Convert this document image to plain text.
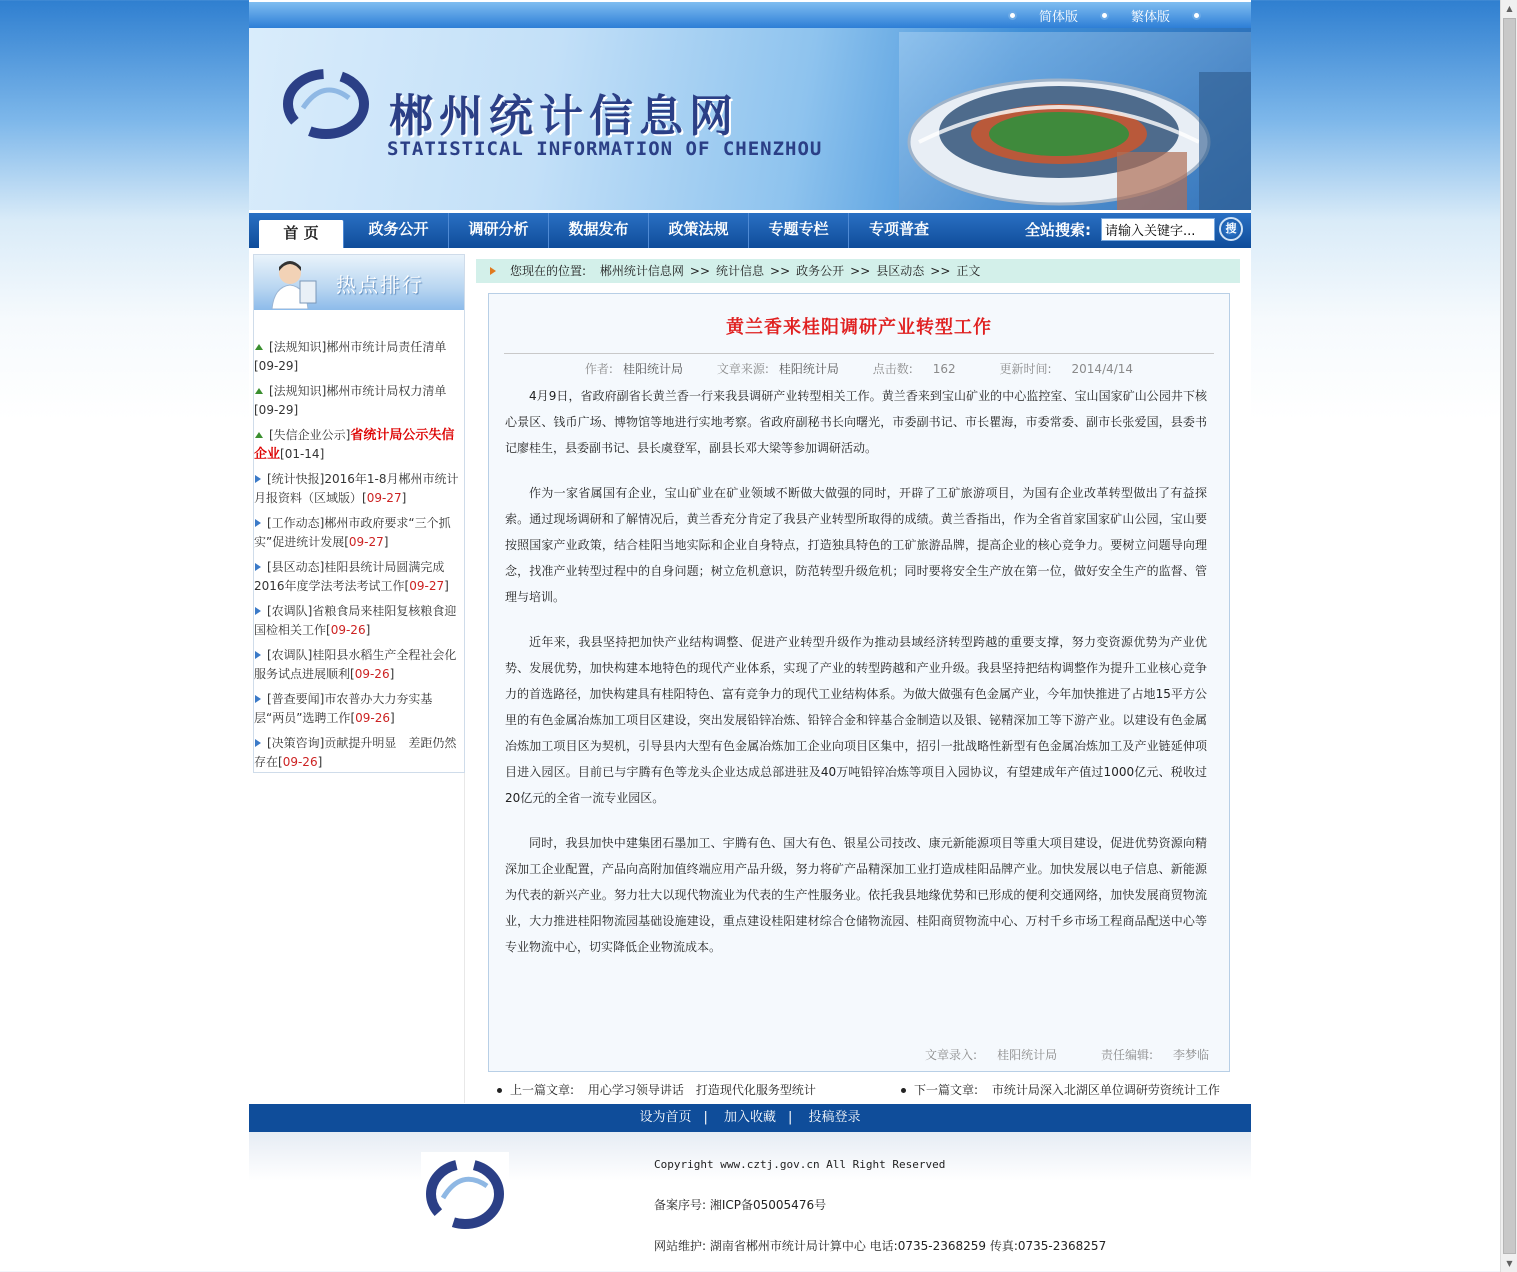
▲
▼
简体版	繁体版
郴州统计信息网
STATISTICAL INFORMATION OF CHENZHOU
首 页	政务公开	调研分析	数据发布	政策法规	专题专栏	专项普查	全站搜索:
请输入关键字...	搜
热点排行
[法规知识]郴州市统计局责任清单[09-29]
[法规知识]郴州市统计局权力清单[09-29]
[失信企业公示]省统计局公示失信企业[01-14]
[统计快报]2016年1-8月郴州市统计月报资料（区域版）[09-27]
[工作动态]郴州市政府要求“三个抓实”促进统计发展[09-27]
[县区动态]桂阳县统计局圆满完成2016年度学法考法考试工作[09-27]
[农调队]省粮食局来桂阳复核粮食迎国检相关工作[09-26]
[农调队]桂阳县水稻生产全程社会化服务试点进展顺利[09-26]
[普查要闻]市农普办大力夯实基层“两员”选聘工作[09-26]
[决策咨询]贡献提升明显　差距仍然存在[09-26]
您现在的位置: 郴州统计信息网 >> 统计信息 >> 政务公开 >> 县区动态 >> 正文
黄兰香来桂阳调研产业转型工作
作者: 桂阳统计局	文章来源: 桂阳统计局	点击数: 162	更新时间: 2014/4/14

4月9日，省政府副省长黄兰香一行来我县调研产业转型相关工作。黄兰香来到宝山矿业的中心监控室、宝山国家矿山公园井下核心景区、钱币广场、博物馆等地进行实地考察。省政府副秘书长向曙光，市委副书记、市长瞿海，市委常委、副市长张爱国，县委书记廖桂生，县委副书记、县长虞登军，副县长邓大梁等参加调研活动。

作为一家省属国有企业，宝山矿业在矿业领域不断做大做强的同时，开辟了工矿旅游项目，为国有企业改革转型做出了有益探索。通过现场调研和了解情况后，黄兰香充分肯定了我县产业转型所取得的成绩。黄兰香指出，作为全省首家国家矿山公园，宝山要按照国家产业政策，结合桂阳当地实际和企业自身特点，打造独具特色的工矿旅游品牌，提高企业的核心竞争力。要树立问题导向理念，找准产业转型过程中的自身问题；树立危机意识，防范转型升级危机；同时要将安全生产放在第一位，做好安全生产的监督、管理与培训。

近年来，我县坚持把加快产业结构调整、促进产业转型升级作为推动县域经济转型跨越的重要支撑，努力变资源优势为产业优势、发展优势，加快构建本地特色的现代产业体系，实现了产业的转型跨越和产业升级。我县坚持把结构调整作为提升工业核心竞争力的首选路径，加快构建具有桂阳特色、富有竞争力的现代工业结构体系。为做大做强有色金属产业，今年加快推进了占地15平方公里的有色金属冶炼加工项目区建设，突出发展铅锌冶炼、铅锌合金和锌基合金制造以及银、铋精深加工等下游产业。以建设有色金属冶炼加工项目区为契机，引导县内大型有色金属冶炼加工企业向项目区集中，招引一批战略性新型有色金属冶炼加工及产业链延伸项目进入园区。目前已与宇腾有色等龙头企业达成总部进驻及40万吨铅锌冶炼等项目入园协议，有望建成年产值过1000亿元、税收过20亿元的全省一流专业园区。

同时，我县加快中建集团石墨加工、宇腾有色、国大有色、银星公司技改、康元新能源项目等重大项目建设，促进优势资源向精深加工企业配置，产品向高附加值终端应用产品升级，努力将矿产品精深加工业打造成桂阳品牌产业。加快发展以电子信息、新能源为代表的新兴产业。努力壮大以现代物流业为代表的生产性服务业。依托我县地缘优势和已形成的便利交通网络，加快发展商贸物流业，大力推进桂阳物流园基础设施建设，重点建设桂阳建材综合仓储物流园、桂阳商贸物流中心、万村千乡市场工程商品配送中心等专业物流中心，切实降低企业物流成本。

文章录入: 桂阳统计局	责任编辑: 李梦临
上一篇文章: 用心学习领导讲话　打造现代化服务型统计	下一篇文章: 市统计局深入北湖区单位调研劳资统计工作
设为首页 | 加入收藏 | 投稿登录
Copyright www.cztj.gov.cn All Right Reserved
备案序号: 湘ICP备05005476号
网站维护: 湖南省郴州市统计局计算中心 电话:0735-2368259 传真:0735-2368257
